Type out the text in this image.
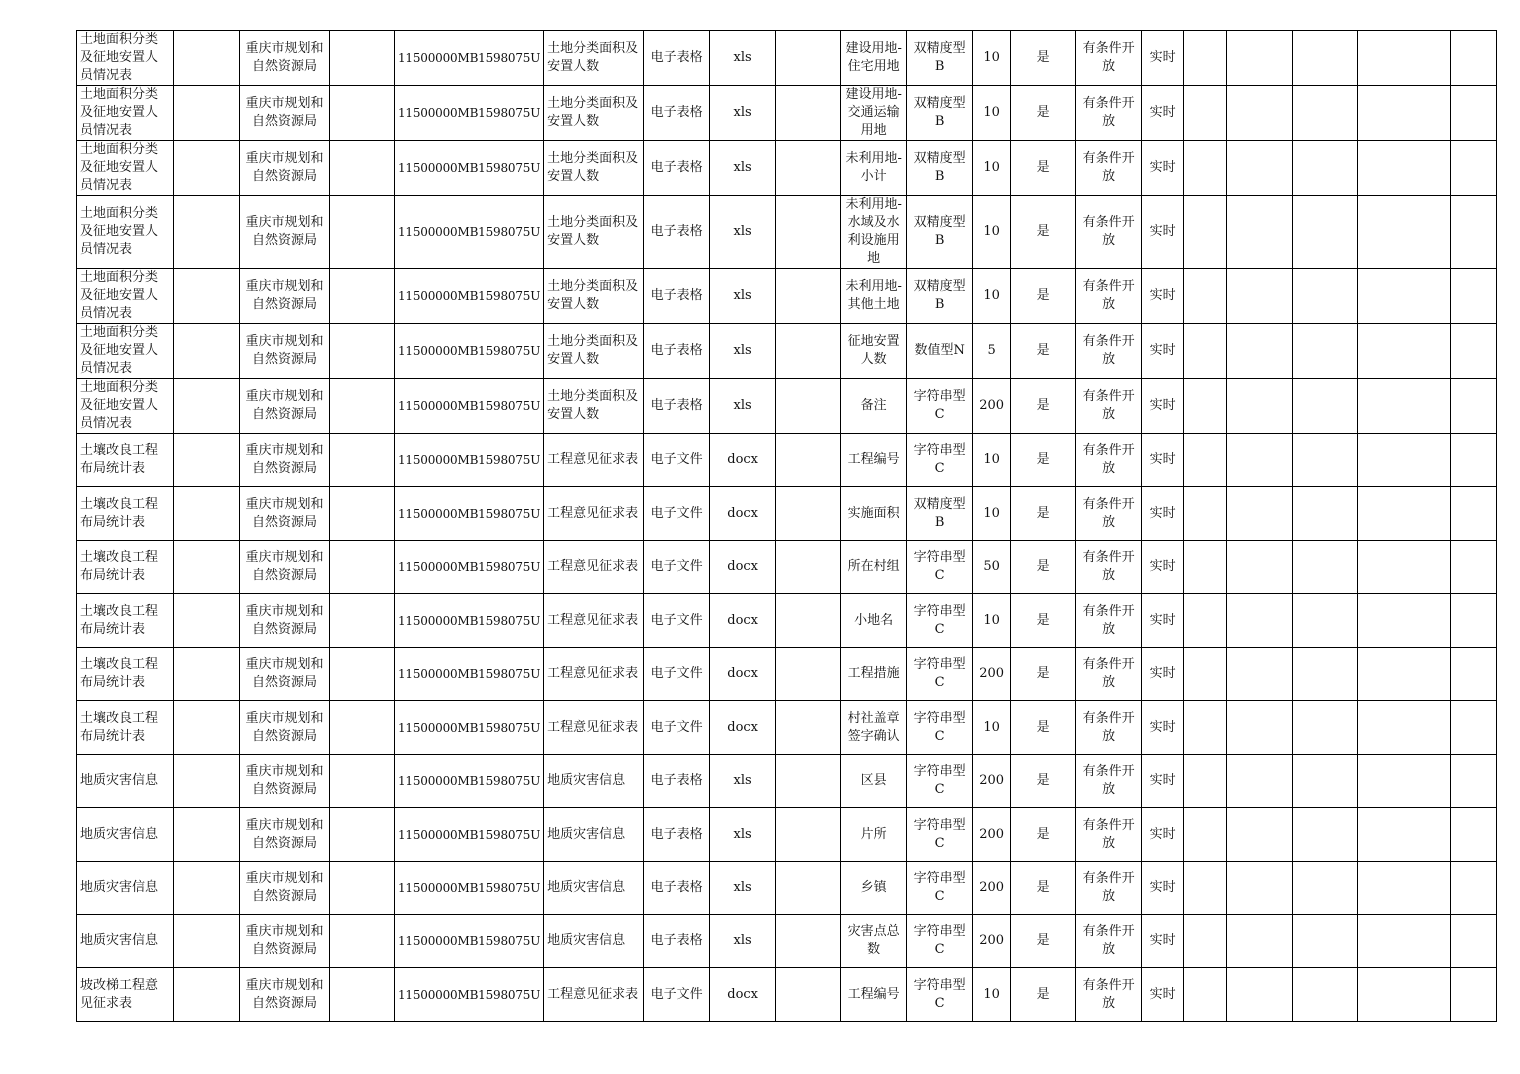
土地面积分类及征地安置人员情况表		重庆市规划和自然资源局		11500000MB1598075U	土地分类面积及安置人数	电子表格	xls		建设用地-住宅用地	双精度型B	10	是	有条件开放	实时					
土地面积分类及征地安置人员情况表		重庆市规划和自然资源局		11500000MB1598075U	土地分类面积及安置人数	电子表格	xls		建设用地-交通运输用地	双精度型B	10	是	有条件开放	实时					
土地面积分类及征地安置人员情况表		重庆市规划和自然资源局		11500000MB1598075U	土地分类面积及安置人数	电子表格	xls		未利用地-小计	双精度型B	10	是	有条件开放	实时					
土地面积分类及征地安置人员情况表		重庆市规划和自然资源局		11500000MB1598075U	土地分类面积及安置人数	电子表格	xls		未利用地-水域及水利设施用地	双精度型B	10	是	有条件开放	实时					
土地面积分类及征地安置人员情况表		重庆市规划和自然资源局		11500000MB1598075U	土地分类面积及安置人数	电子表格	xls		未利用地-其他土地	双精度型B	10	是	有条件开放	实时					
土地面积分类及征地安置人员情况表		重庆市规划和自然资源局		11500000MB1598075U	土地分类面积及安置人数	电子表格	xls		征地安置人数	数值型N	5	是	有条件开放	实时					
土地面积分类及征地安置人员情况表		重庆市规划和自然资源局		11500000MB1598075U	土地分类面积及安置人数	电子表格	xls		备注	字符串型C	200	是	有条件开放	实时					
土壤改良工程布局统计表		重庆市规划和自然资源局		11500000MB1598075U	工程意见征求表	电子文件	docx		工程编号	字符串型C	10	是	有条件开放	实时					
土壤改良工程布局统计表		重庆市规划和自然资源局		11500000MB1598075U	工程意见征求表	电子文件	docx		实施面积	双精度型B	10	是	有条件开放	实时					
土壤改良工程布局统计表		重庆市规划和自然资源局		11500000MB1598075U	工程意见征求表	电子文件	docx		所在村组	字符串型C	50	是	有条件开放	实时					
土壤改良工程布局统计表		重庆市规划和自然资源局		11500000MB1598075U	工程意见征求表	电子文件	docx		小地名	字符串型C	10	是	有条件开放	实时					
土壤改良工程布局统计表		重庆市规划和自然资源局		11500000MB1598075U	工程意见征求表	电子文件	docx		工程措施	字符串型C	200	是	有条件开放	实时					
土壤改良工程布局统计表		重庆市规划和自然资源局		11500000MB1598075U	工程意见征求表	电子文件	docx		村社盖章签字确认	字符串型C	10	是	有条件开放	实时					
地质灾害信息		重庆市规划和自然资源局		11500000MB1598075U	地质灾害信息	电子表格	xls		区县	字符串型C	200	是	有条件开放	实时					
地质灾害信息		重庆市规划和自然资源局		11500000MB1598075U	地质灾害信息	电子表格	xls		片所	字符串型C	200	是	有条件开放	实时					
地质灾害信息		重庆市规划和自然资源局		11500000MB1598075U	地质灾害信息	电子表格	xls		乡镇	字符串型C	200	是	有条件开放	实时					
地质灾害信息		重庆市规划和自然资源局		11500000MB1598075U	地质灾害信息	电子表格	xls		灾害点总数	字符串型C	200	是	有条件开放	实时					
坡改梯工程意见征求表		重庆市规划和自然资源局		11500000MB1598075U	工程意见征求表	电子文件	docx		工程编号	字符串型C	10	是	有条件开放	实时					
